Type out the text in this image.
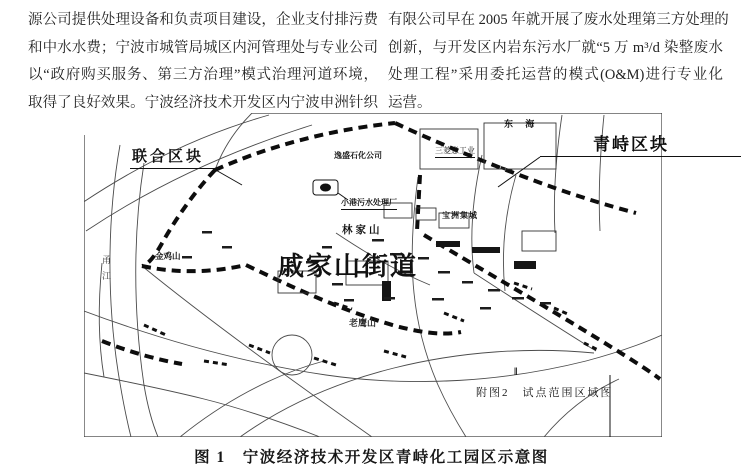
源公司提供处理设备和负责项目建设，企业支付排污费
和中水水费；宁波市城管局城区内河管理处与专业公司
以“政府购买服务、第三方治理”模式治理河道环境，
取得了良好效果。宁波经济技术开发区内宁波申洲针织
有限公司早在 2005 年就开展了废水处理第三方处理的
创新，与开发区内岩东污水厂就“5 万 m³/d 染整废水
处理工程”采用委托运营的模式(O&M)进行专业化
运营。
联合区块
东 海
逸盛石化公司
三菱意工业
小港污水处理厂
林家山
宝洲集城
戚家山街道
金鸡山
老鹰山
甬江
‖
附图2　试点范围区域图
青峙区块
图 1　宁波经济技术开发区青峙化工园区示意图
